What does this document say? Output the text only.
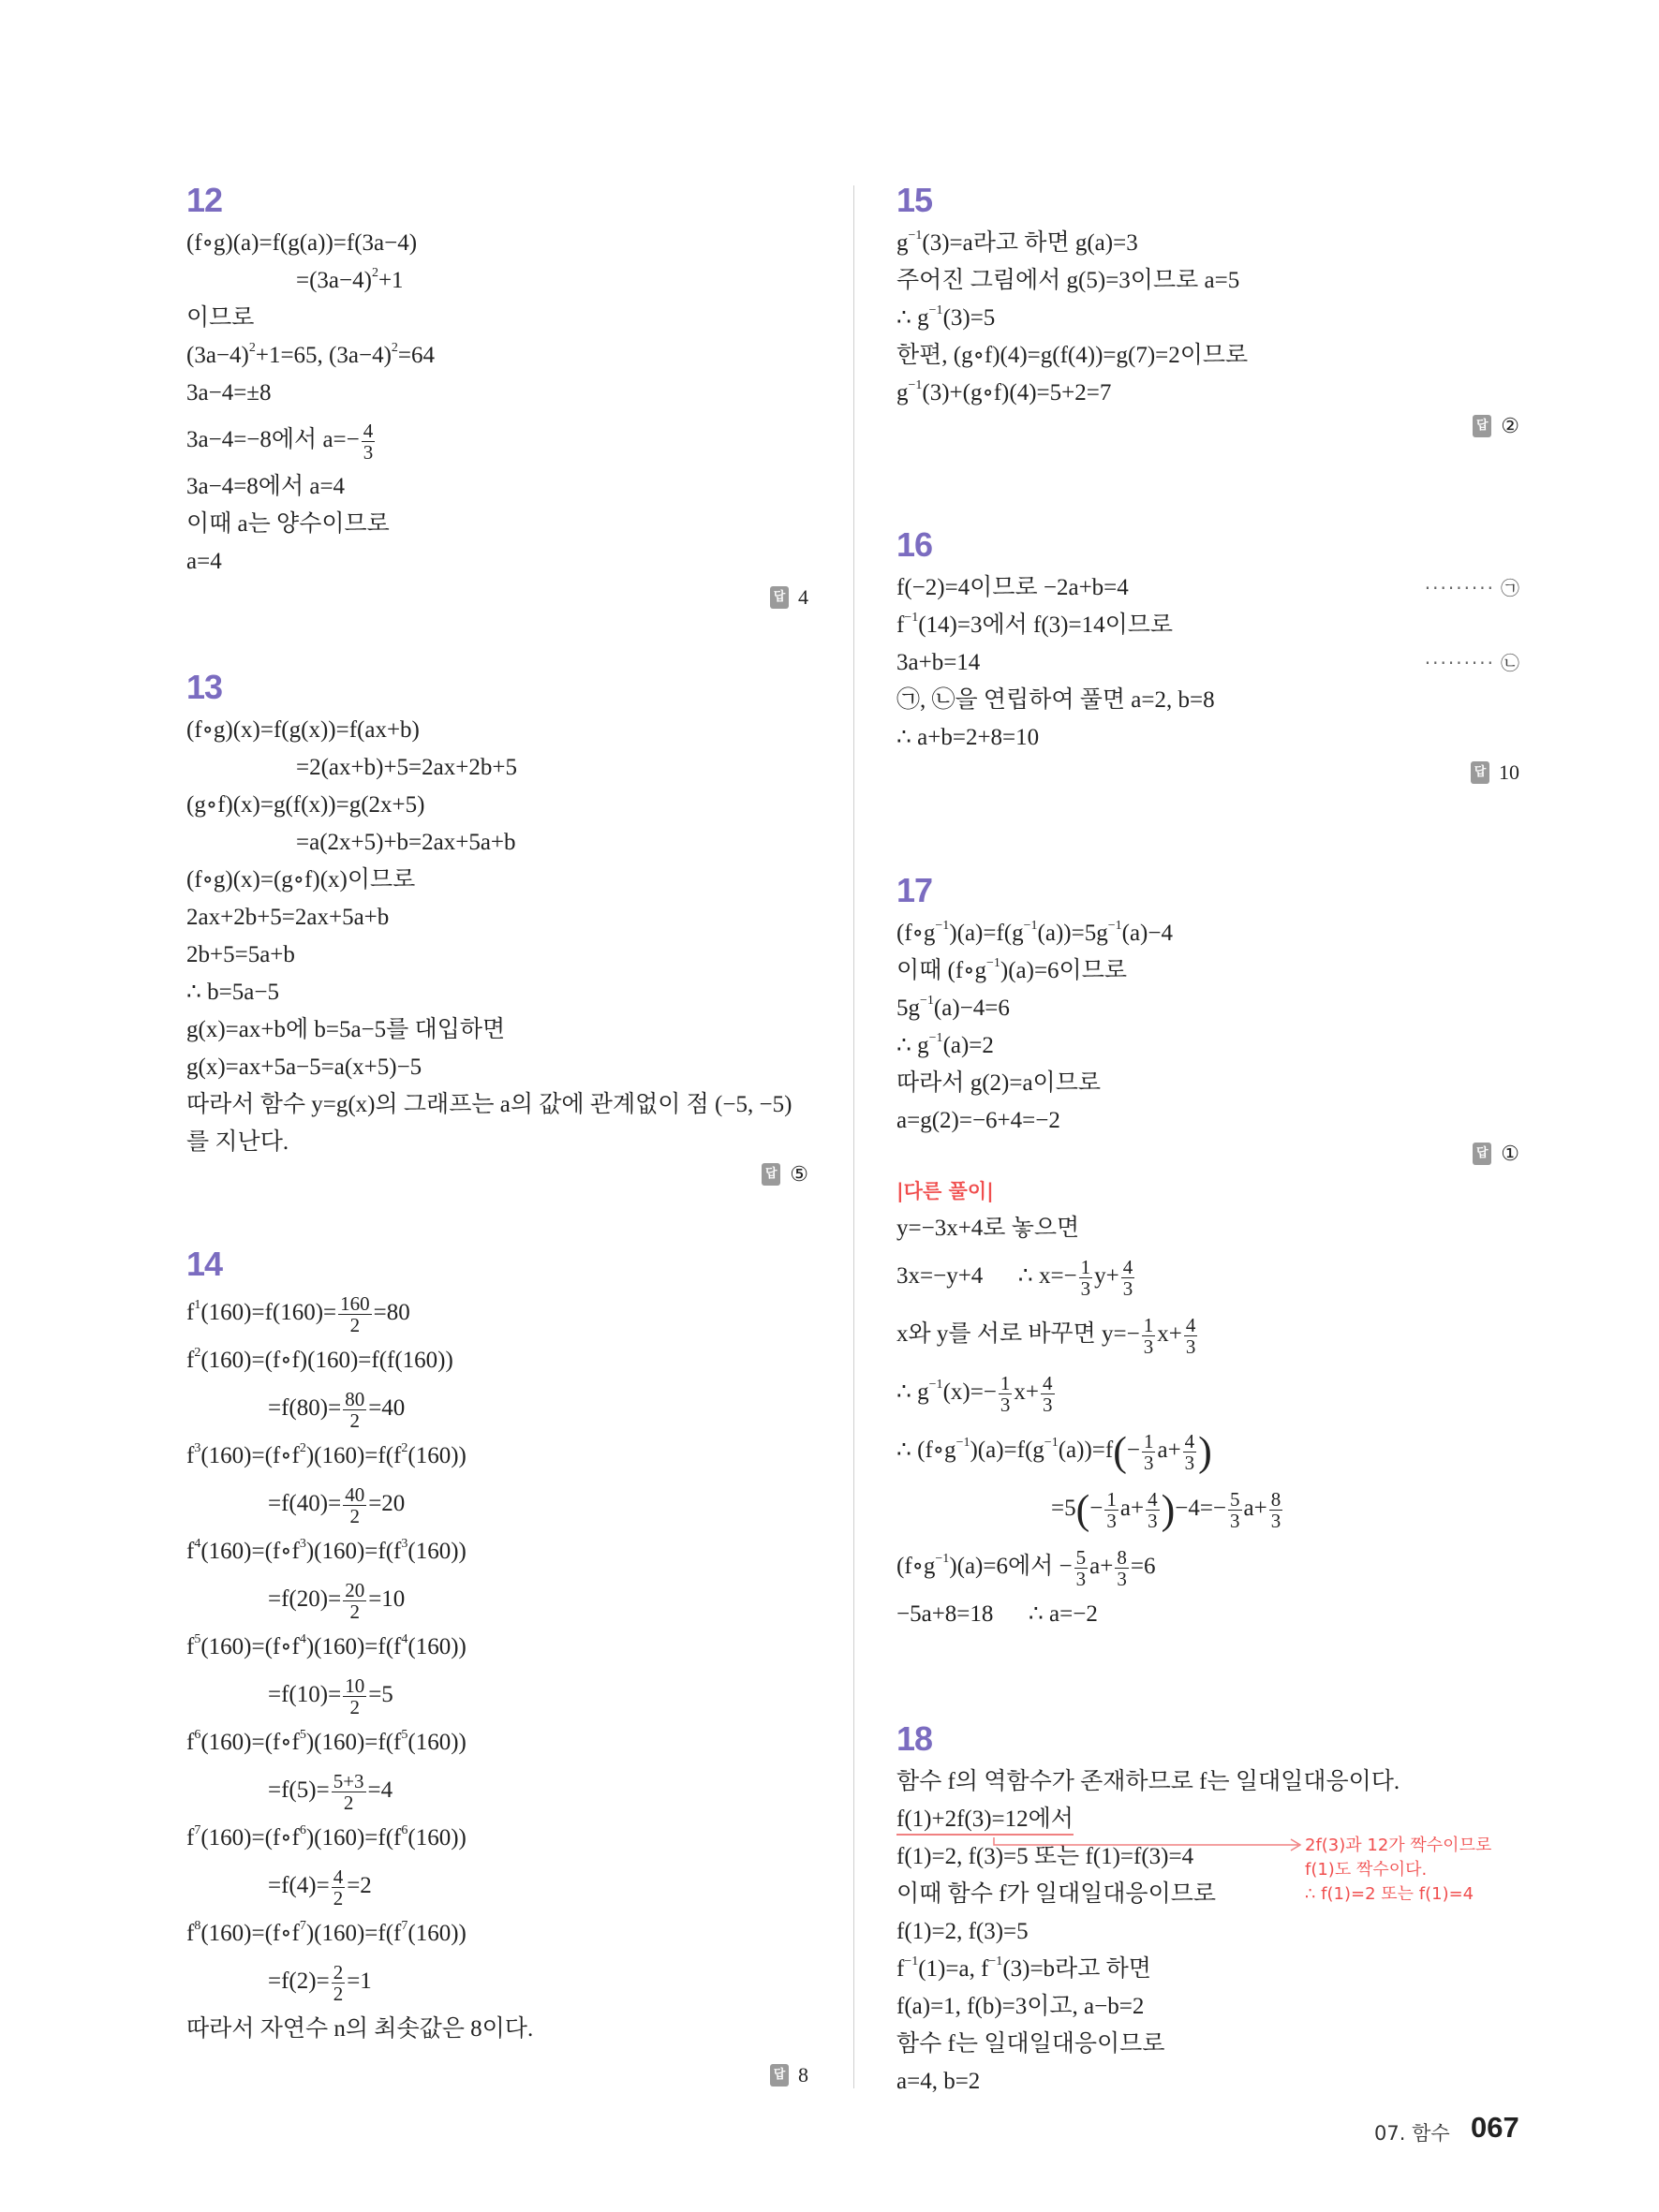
12
(f∘g)(a)=f(g(a))=f(3a−4)
$=(3a-4)^2+1$
이므로
$(3a-4)^2+1=65$, $(3a-4)^2=64$
3a−4=±8
3a−4=−8에서 $a=- \frac{4}{3}$
3a−4=8에서 a=4
이때 a는 양수이므로
a=4
13
(f∘g)(x)=f(g(x))=f(ax+b)
=2(ax+b)+5=2ax+2b+5
(g∘f)(x)=g(f(x))=g(2x+5)
=a(2x+5)+b=2ax+5a+b
(f∘g)(x)=(g∘f)(x)이므로
2ax+2b+5=2ax+5a+b
2b+5=5a+b
∴ b=5a−5
g(x)=ax+b에 b=5a−5를 대입하면
g(x)=ax+5a−5=a(x+5)−5
따라서 함수 y=g(x)의 그래프는 a의 값에 관계없이 점 (−5, −5)
를 지난다.
14
$f^1(160)=f(160)= \frac{160}{2} =80$
$f^2(160)=(f\circ f)(160)=f(f(160))$
$=f(80)= \frac{80}{2} =40$
$f^3(160)=(f\circ f^2)(160)=f(f^2(160))$
$=f(40)= \frac{40}{2} =20$
$f^4(160)=(f\circ f^3)(160)=f(f^3(160))$
$=f(20)= \frac{20}{2} =10$
$f^5(160)=(f\circ f^4)(160)=f(f^4(160))$
$=f(10)= \frac{10}{2} =5$
$f^6(160)=(f\circ f^5)(160)=f(f^5(160))$
$=f(5)= \frac{5+3}{2} =4$
$f^7(160)=(f\circ f^6)(160)=f(f^6(160))$
$=f(4)= \frac{4}{2} =2$
$f^8(160)=(f\circ f^7)(160)=f(f^7(160))$
$=f(2)= \frac{2}{2} =1$
따라서 자연수 n의 최솟값은 8이다.
15
$g^{-1}(3)=a$라고 하면 g(a)=3
주어진 그림에서 g(5)=3이므로 a=5
∴ $g^{-1}(3)=5$
한편, (g∘f)(4)=g(f(4))=g(7)=2이므로
$g^{-1}(3)+(g\circ f)(4)=5+2=7$
16
f(−2)=4이므로 −2a+b=4	········· ㉠
$f^{-1}(14)=3$에서 f(3)=14이므로
3a+b=14	········· ㉡
㉠, ㉡을 연립하여 풀면 a=2, b=8
∴ a+b=2+8=10
17
$(f\circ g^{-1})(a)=f(g^{-1}(a))=5g^{-1}(a)-4$
이때 $(f\circ g^{-1})(a)=6$이므로
$5g^{-1}(a)-4=6$
∴ $g^{-1}(a)=2$
따라서 g(2)=a이므로
a=g(2)=−6+4=−2
|다른 풀이|
y=−3x+4로 놓으면
3x=−y+4      ∴ $x=- \frac{1}{3} y+ \frac{4}{3}$
x와 y를 서로 바꾸면 $y=- \frac{1}{3} x+ \frac{4}{3}$
∴ $g^{-1}(x)=- \frac{1}{3} x+ \frac{4}{3}$
∴ $(f\circ g^{-1})(a)=f(g^{-1}(a))=f(- \frac{1}{3} a+ \frac{4}{3}$ )
$=5(- \frac{1}{3} a+ \frac{4}{3} )-4=- \frac{5}{3} a+ \frac{8}{3}$
$(f\circ g^{-1})(a)=6$에서 − $\frac{5}{3} a+ \frac{8}{3} =6$
−5a+8=18      ∴ a=−2
18
함수 f의 역함수가 존재하므로 f는 일대일대응이다.
f(1)+2f(3)=12에서
f(1)=2, f(3)=5 또는 f(1)=f(3)=4
이때 함수 f가 일대일대응이므로
f(1)=2, f(3)=5
$f^{-1}(1)=a$, $f^{-1}(3)=b$라고 하면
f(a)=1, f(b)=3이고, a−b=2
함수 f는 일대일대응이므로
a=4, b=2
2f(3)과 12가 짝수이므로
f(1)도 짝수이다.
∴ f(1)=2 또는 f(1)=4
07. 함수 067
답 4
답 ⑤
답 8
답 ②
답 10
답 ①
